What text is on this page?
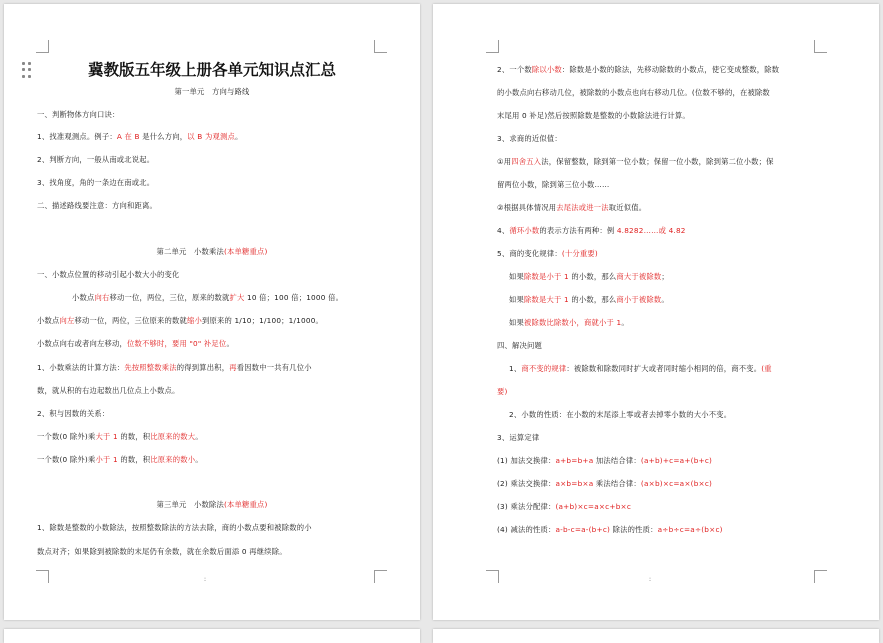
冀教版五年级上册各单元知识点汇总
第一单元　方向与路线
一、判断物体方向口诀：
1、找准观测点。例子：A 在 B 是什么方向，以 B 为观测点。
2、判断方向，一般从南或北说起。
3、找角度，角的一条边在南或北。
二、描述路线要注意：方向和距离。
第二单元　小数乘法(本单糖重点)
一、小数点位置的移动引起小数大小的变化
小数点向右移动一位，两位，三位，原来的数就扩大 10 倍；100 倍；1000 倍。
小数点向左移动一位，两位，三位原来的数就缩小到原来的 1/10；1/100；1/1000。
小数点向右或者向左移动，位数不够时，要用 "0" 补足位。
1、小数乘法的计算方法：先按照整数乘法的得到算出积，再看因数中一共有几位小
数，就从积的右边起数出几位点上小数点。
2、积与因数的关系：
一个数(0 除外)乘大于 1 的数，积比原来的数大。
一个数(0 除外)乘小于 1 的数，积比原来的数小。
第三单元　小数除法(本单糖重点)
1、除数是整数的小数除法，按照整数除法的方法去除，商的小数点要和被除数的小
数点对齐；如果除到被除数的末尾仍有余数，就在余数后面添 0 再继续除。
:
2、一个数除以小数：除数是小数的除法，先移动除数的小数点，使它变成整数，除数
的小数点向右移动几位，被除数的小数点也向右移动几位。(位数不够的，在被除数
末尾用 0 补足)然后按照除数是整数的小数除法进行计算。
3、求商的近似值：
①用四舍五入法，保留整数，除到第一位小数；保留一位小数，除到第二位小数；保
留两位小数，除到第三位小数……
②根据具体情况用去尾法或进一法取近似值。
4、循环小数的表示方法有两种：例 4.8282……或 4.82
5、商的变化规律：(十分重要)
如果除数是小于 1 的小数，那么商大于被除数；
如果除数是大于 1 的小数，那么商小于被除数。
如果被除数比除数小，商就小于 1。
四、解决问题
1、商不变的规律：被除数和除数同时扩大或者同时缩小相同的倍，商不变。(重
要)
2、小数的性质：在小数的末尾添上零或者去掉零小数的大小不变。
3、运算定律
(1) 加法交换律：a+b=b+a 加法结合律：(a+b)+c=a+(b+c)
(2) 乘法交换律：a×b=b×a 乘法结合律：(a×b)×c=a×(b×c)
(3) 乘法分配律：(a+b)×c=a×c+b×c
(4) 减法的性质：a-b-c=a-(b+c) 除法的性质：a÷b÷c=a÷(b×c)
:
